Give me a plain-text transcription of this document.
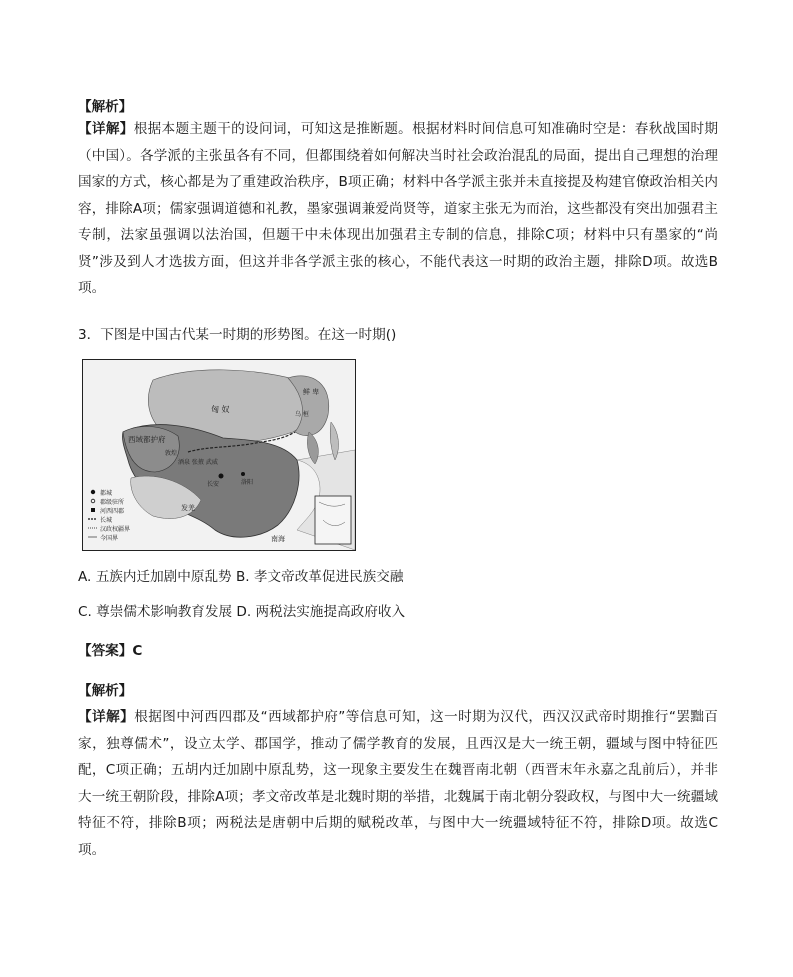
【解析】
【详解】根据本题主题干的设问词，可知这是推断题。根据材料时间信息可知准确时空是：春秋战国时期（中国）。各学派的主张虽各有不同，但都围绕着如何解决当时社会政治混乱的局面，提出自己理想的治理国家的方式，核心都是为了重建政治秩序，B项正确；材料中各学派主张并未直接提及构建官僚政治相关内容，排除A项；儒家强调道德和礼教，墨家强调兼爱尚贤等，道家主张无为而治，这些都没有突出加强君主专制，法家虽强调以法治国，但题干中未体现出加强君主专制的信息，排除C项；材料中只有墨家的“尚贤”涉及到人才选拔方面，但这并非各学派主张的核心，不能代表这一时期的政治主题，排除D项。故选B项。
3．下图是中国古代某一时期的形势图。在这一时期()
匈 奴
鲜 卑
乌 桓
西域都护府
酒泉 张掖 武威
敦煌
长安	洛阳
发羌
南海
都城
郡级驻所
河西四郡
长城
汉政权疆界
今国界
A. 五族内迁加剧中原乱势 B. 孝文帝改革促进民族交融
C. 尊崇儒术影响教育发展 D. 两税法实施提高政府收入
【答案】C
【解析】
【详解】根据图中河西四郡及“西域都护府”等信息可知，这一时期为汉代，西汉汉武帝时期推行“罢黜百家，独尊儒术”，设立太学、郡国学，推动了儒学教育的发展，且西汉是大一统王朝，疆域与图中特征匹配，C项正确；五胡内迁加剧中原乱势，这一现象主要发生在魏晋南北朝（西晋末年永嘉之乱前后），并非大一统王朝阶段，排除A项；孝文帝改革是北魏时期的举措，北魏属于南北朝分裂政权，与图中大一统疆域特征不符，排除B项；两税法是唐朝中后期的赋税改革，与图中大一统疆域特征不符，排除D项。故选C项。
